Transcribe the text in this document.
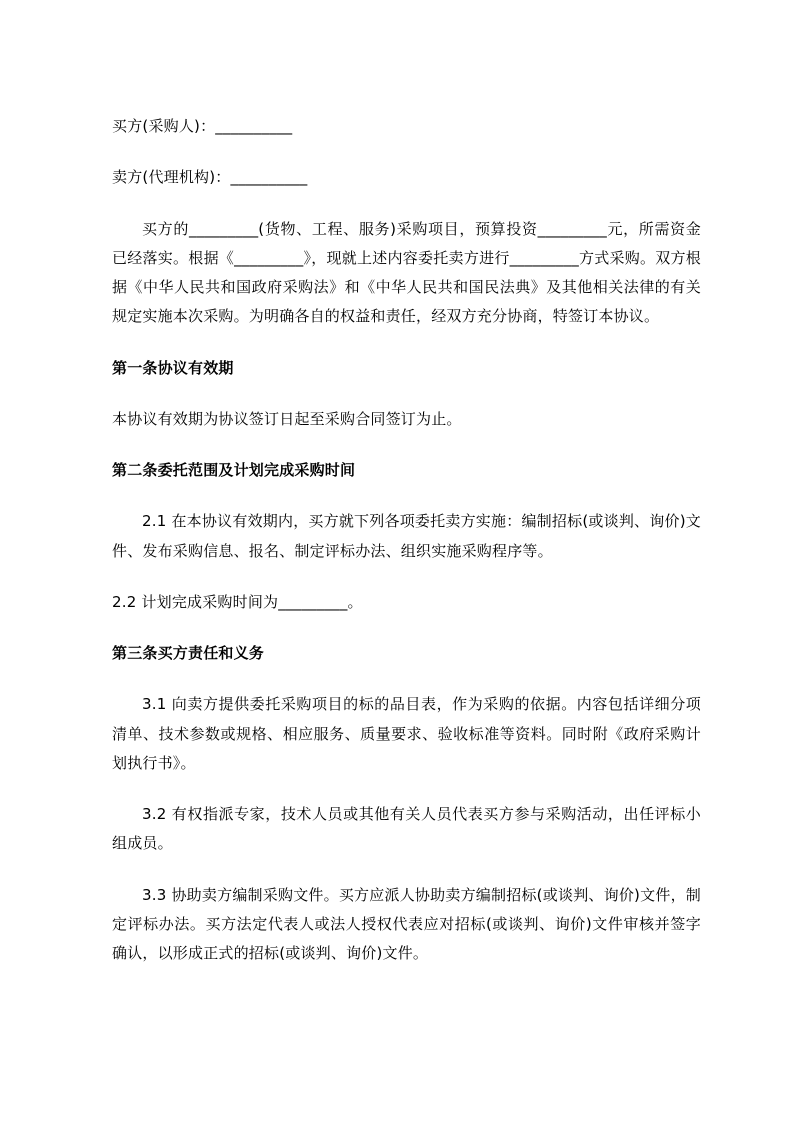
买方(采购人)：__________

卖方(代理机构)：__________

买方的_________(货物、工程、服务)采购项目，预算投资_________元，所需资金已经落实。根据《_________》，现就上述内容委托卖方进行_________方式采购。双方根据《中华人民共和国政府采购法》和《中华人民共和国民法典》及其他相关法律的有关规定实施本次采购。为明确各自的权益和责任，经双方充分协商，特签订本协议。

第一条协议有效期

本协议有效期为协议签订日起至采购合同签订为止。

第二条委托范围及计划完成采购时间

2.1 在本协议有效期内，买方就下列各项委托卖方实施：编制招标(或谈判、询价)文件、发布采购信息、报名、制定评标办法、组织实施采购程序等。

2.2 计划完成采购时间为_________。

第三条买方责任和义务

3.1 向卖方提供委托采购项目的标的品目表，作为采购的依据。内容包括详细分项清单、技术参数或规格、相应服务、质量要求、验收标准等资料。同时附《政府采购计划执行书》。

3.2 有权指派专家，技术人员或其他有关人员代表买方参与采购活动，出任评标小组成员。

3.3 协助卖方编制采购文件。买方应派人协助卖方编制招标(或谈判、询价)文件，制定评标办法。买方法定代表人或法人授权代表应对招标(或谈判、询价)文件审核并签字确认，以形成正式的招标(或谈判、询价)文件。
